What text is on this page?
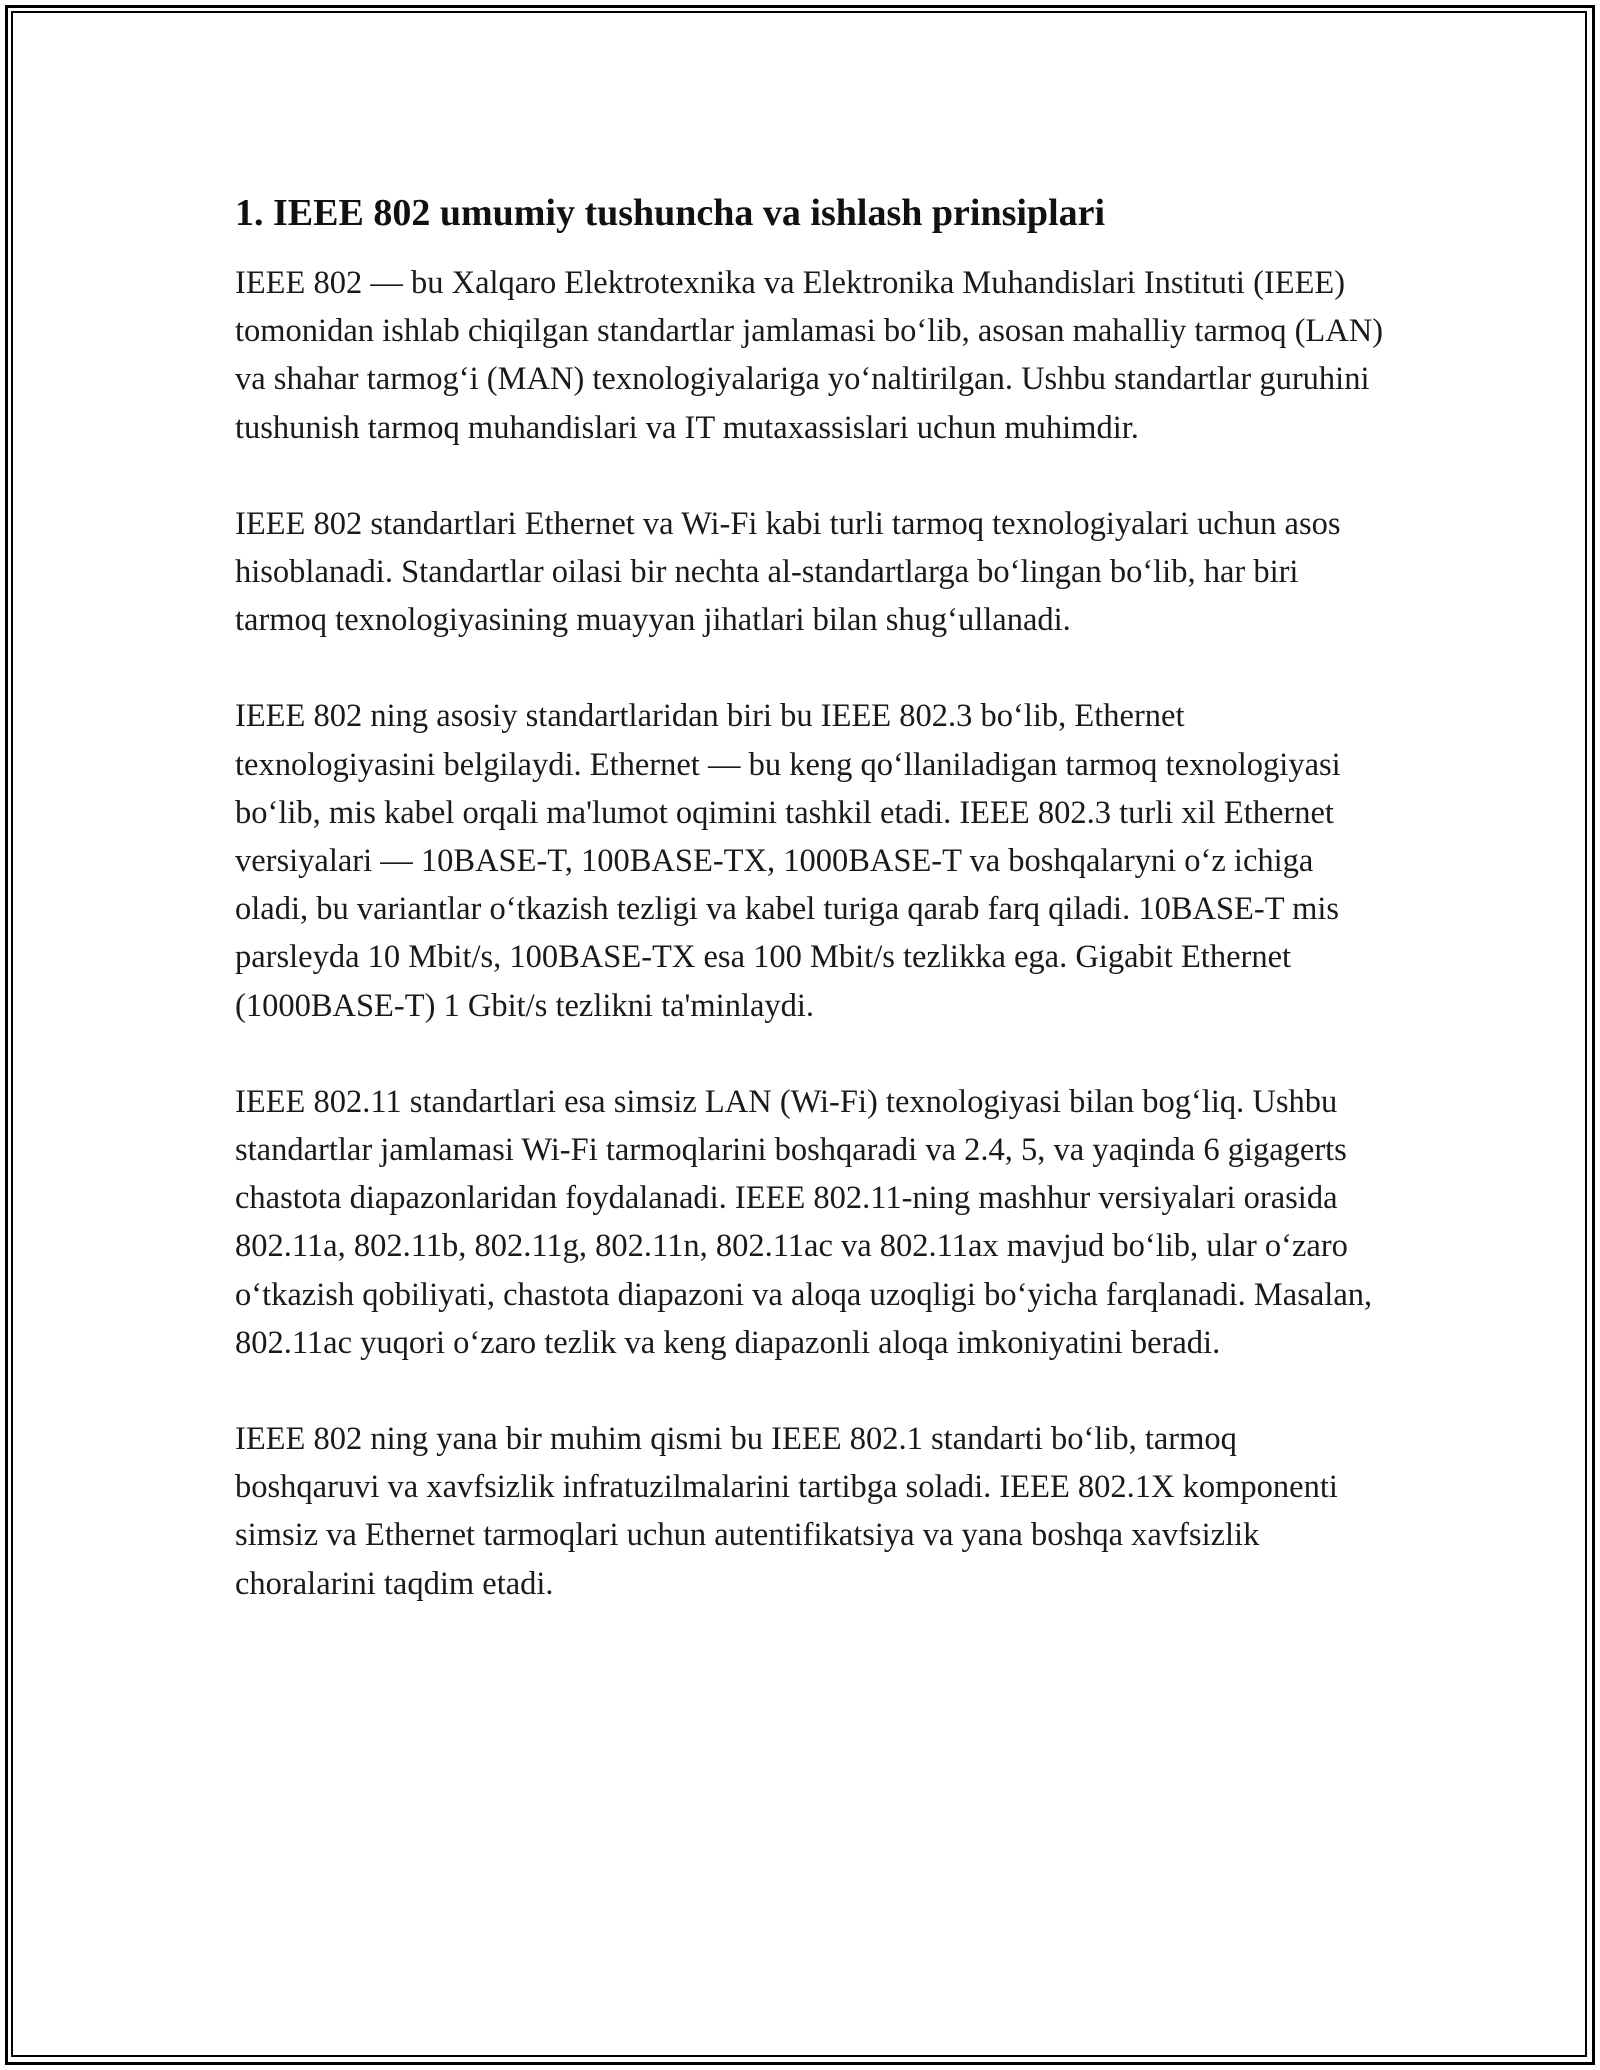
1. IEEE 802 umumiy tushuncha va ishlash prinsiplari

IEEE 802 — bu Xalqaro Elektrotexnika va Elektronika Muhandislari Instituti (IEEE) tomonidan ishlab chiqilgan standartlar jamlamasi bo‘lib, asosan mahalliy tarmoq (LAN) va shahar tarmog‘i (MAN) texnologiyalariga yo‘naltirilgan. Ushbu standartlar guruhini tushunish tarmoq muhandislari va IT mutaxassislari uchun muhimdir.

IEEE 802 standartlari Ethernet va Wi-Fi kabi turli tarmoq texnologiyalari uchun asos hisoblanadi. Standartlar oilasi bir nechta al-standartlarga bo‘lingan bo‘lib, har biri tarmoq texnologiyasining muayyan jihatlari bilan shug‘ullanadi.

IEEE 802 ning asosiy standartlaridan biri bu IEEE 802.3 bo‘lib, Ethernet texnologiyasini belgilaydi. Ethernet — bu keng qo‘llaniladigan tarmoq texnologiyasi bo‘lib, mis kabel orqali ma'lumot oqimini tashkil etadi. IEEE 802.3 turli xil Ethernet versiyalari — 10BASE-T, 100BASE-TX, 1000BASE-T va boshqalaryni o‘z ichiga oladi, bu variantlar o‘tkazish tezligi va kabel turiga qarab farq qiladi. 10BASE-T mis parsleyda 10 Mbit/s, 100BASE-TX esa 100 Mbit/s tezlikka ega. Gigabit Ethernet (1000BASE-T) 1 Gbit/s tezlikni ta'minlaydi.

IEEE 802.11 standartlari esa simsiz LAN (Wi-Fi) texnologiyasi bilan bog‘liq. Ushbu standartlar jamlamasi Wi-Fi tarmoqlarini boshqaradi va 2.4, 5, va yaqinda 6 gigagerts chastota diapazonlaridan foydalanadi. IEEE 802.11-ning mashhur versiyalari orasida 802.11a, 802.11b, 802.11g, 802.11n, 802.11ac va 802.11ax mavjud bo‘lib, ular o‘zaro o‘tkazish qobiliyati, chastota diapazoni va aloqa uzoqligi bo‘yicha farqlanadi. Masalan, 802.11ac yuqori o‘zaro tezlik va keng diapazonli aloqa imkoniyatini beradi.

IEEE 802 ning yana bir muhim qismi bu IEEE 802.1 standarti bo‘lib, tarmoq boshqaruvi va xavfsizlik infratuzilmalarini tartibga soladi. IEEE 802.1X komponenti simsiz va Ethernet tarmoqlari uchun autentifikatsiya va yana boshqa xavfsizlik choralarini taqdim etadi.
